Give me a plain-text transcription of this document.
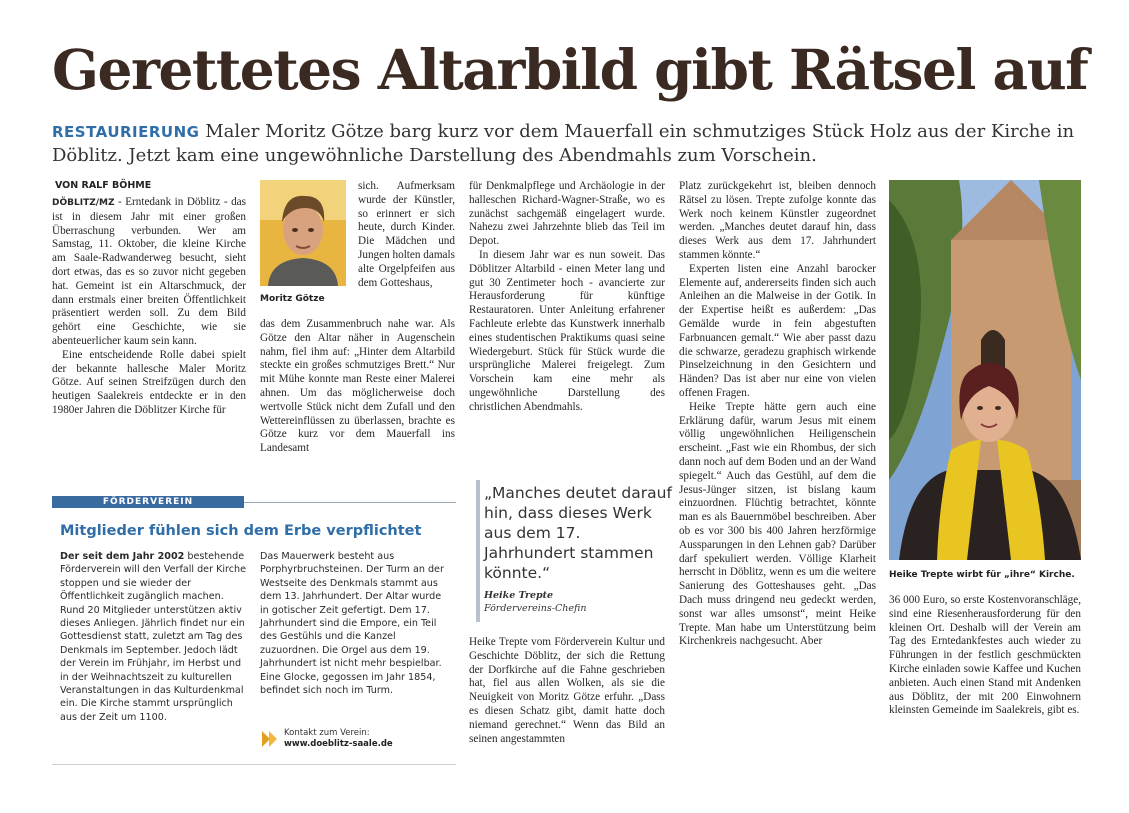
Gerettetes Altarbild gibt Rätsel auf
RESTAURIERUNG Maler Moritz Götze barg kurz vor dem Mauerfall ein schmutziges Stück Holz aus der Kirche in Döblitz. Jetzt kam eine ungewöhnliche Darstellung des Abendmahls zum Vorschein.
VON RALF BÖHME

DÖBLITZ/MZ - Erntedank in Döblitz - das ist in diesem Jahr mit einer großen Überraschung verbunden. Wer am Samstag, 11. Oktober, die kleine Kirche am Saale-Radwanderweg besucht, sieht dort etwas, das es so zuvor nicht gegeben hat. Gemeint ist ein Altarschmuck, der dann erstmals einer breiten Öffentlichkeit präsentiert werden soll. Zu dem Bild gehört eine Geschichte, wie sie abenteuerlicher kaum sein kann.

Eine entscheidende Rolle dabei spielt der bekannte hallesche Maler Moritz Götze. Auf seinen Streifzügen durch den heutigen Saalekreis entdeckte er in den 1980er Jahren die Döblitzer Kirche für

Moritz Götze
sich. Aufmerksam wurde der Künstler, so erinnert er sich heute, durch Kinder. Die Mädchen und Jungen holten damals alte Orgelpfeifen aus dem Gotteshaus,
das dem Zusammenbruch nahe war. Als Götze den Altar näher in Augenschein nahm, fiel ihm auf: „Hinter dem Altarbild steckte ein großes schmutziges Brett.“ Nur mit Mühe konnte man Reste einer Malerei ahnen. Um das möglicherweise doch wertvolle Stück nicht dem Zufall und den Wettereinflüssen zu überlassen, brachte es Götze kurz vor dem Mauerfall ins Landesamt

für Denkmalpflege und Archäologie in der halleschen Richard-Wagner-Straße, wo es zunächst sachgemäß eingelagert wurde. Nahezu zwei Jahrzehnte blieb das Teil im Depot.

In diesem Jahr war es nun soweit. Das Döblitzer Altarbild - einen Meter lang und gut 30 Zentimeter hoch - avancierte zur Herausforderung für künftige Restauratoren. Unter Anleitung erfahrener Fachleute erlebte das Kunstwerk innerhalb eines studentischen Praktikums quasi seine Wiedergeburt. Stück für Stück wurde die ursprüngliche Malerei freigelegt. Zum Vorschein kam eine mehr als ungewöhnliche Darstellung des christlichen Abendmahls.

„Manches deutet darauf hin, dass dieses Werk aus dem 17. Jahrhundert stammen könnte.“
Heike Trepte
Fördervereins-Chefin
Heike Trepte vom Förderverein Kultur und Geschichte Döblitz, der sich die Rettung der Dorfkirche auf die Fahne geschrieben hat, fiel aus allen Wolken, als sie die Neuigkeit von Moritz Götze erfuhr. „Dass es diesen Schatz gibt, damit hatte doch niemand gerechnet.“ Wenn das Bild an seinen angestammten

Platz zurückgekehrt ist, bleiben dennoch Rätsel zu lösen. Trepte zufolge konnte das Werk noch keinem Künstler zugeordnet werden. „Manches deutet darauf hin, dass dieses Werk aus dem 17. Jahrhundert stammen könnte.“

Experten listen eine Anzahl barocker Elemente auf, andererseits finden sich auch Anleihen an die Malweise in der Gotik. In der Expertise heißt es außerdem: „Das Gemälde wurde in fein abgestuften Farbnuancen gemalt.“ Wie aber passt dazu die schwarze, geradezu graphisch wirkende Pinselzeichnung in den Gesichtern und Händen? Das ist aber nur eine von vielen offenen Fragen.

Heike Trepte hätte gern auch eine Erklärung dafür, warum Jesus mit einem völlig ungewöhnlichen Heiligenschein erscheint. „Fast wie ein Rhombus, der sich dann noch auf dem Boden und an der Wand spiegelt.“ Auch das Gestühl, auf dem die Jesus-Jünger sitzen, ist bislang kaum einzuordnen. Flüchtig betrachtet, könnte man es als Bauernmöbel beschreiben. Aber ob es vor 300 bis 400 Jahren herzförmige Aussparungen in den Lehnen gab? Darüber darf spekuliert werden. Völlige Klarheit herrscht in Döblitz, wenn es um die weitere Sanierung des Gotteshauses geht. „Das Dach muss dringend neu gedeckt werden, sonst war alles umsonst“, meint Heike Trepte. Man habe um Unterstützung beim Kirchenkreis nachgesucht. Aber

Heike Trepte wirbt für „ihre“ Kirche.
36 000 Euro, so erste Kostenvoranschläge, sind eine Riesenherausforderung für den kleinen Ort. Deshalb will der Verein am Tag des Erntedankfestes auch wieder zu Führungen in der festlich geschmückten Kirche einladen sowie Kaffee und Kuchen anbieten. Auch einen Stand mit Andenken aus Döblitz, der mit 200 Einwohnern kleinsten Gemeinde im Saalekreis, gibt es.
FÖRDERVEREIN
Mitglieder fühlen sich dem Erbe verpflichtet
Der seit dem Jahr 2002 bestehende Förderverein will den Verfall der Kirche stoppen und sie wieder der Öffentlichkeit zugänglich machen. Rund 20 Mitglieder unterstützen aktiv dieses Anliegen. Jährlich findet nur ein Gottesdienst statt, zuletzt am Tag des Denkmals im September. Jedoch lädt der Verein im Frühjahr, im Herbst und in der Weihnachtszeit zu kulturellen Veranstaltungen in das Kulturdenkmal ein. Die Kirche stammt ursprünglich aus der Zeit um 1100.
Das Mauerwerk besteht aus Porphyrbruchsteinen. Der Turm an der Westseite des Denkmals stammt aus dem 13. Jahrhundert. Der Altar wurde in gotischer Zeit gefertigt. Dem 17. Jahrhundert sind die Empore, ein Teil des Gestühls und die Kanzel zuzuordnen. Die Orgel aus dem 19. Jahrhundert ist nicht mehr bespielbar. Eine Glocke, gegossen im Jahr 1854, befindet sich noch im Turm.
Kontakt zum Verein:
www.doeblitz-saale.de
